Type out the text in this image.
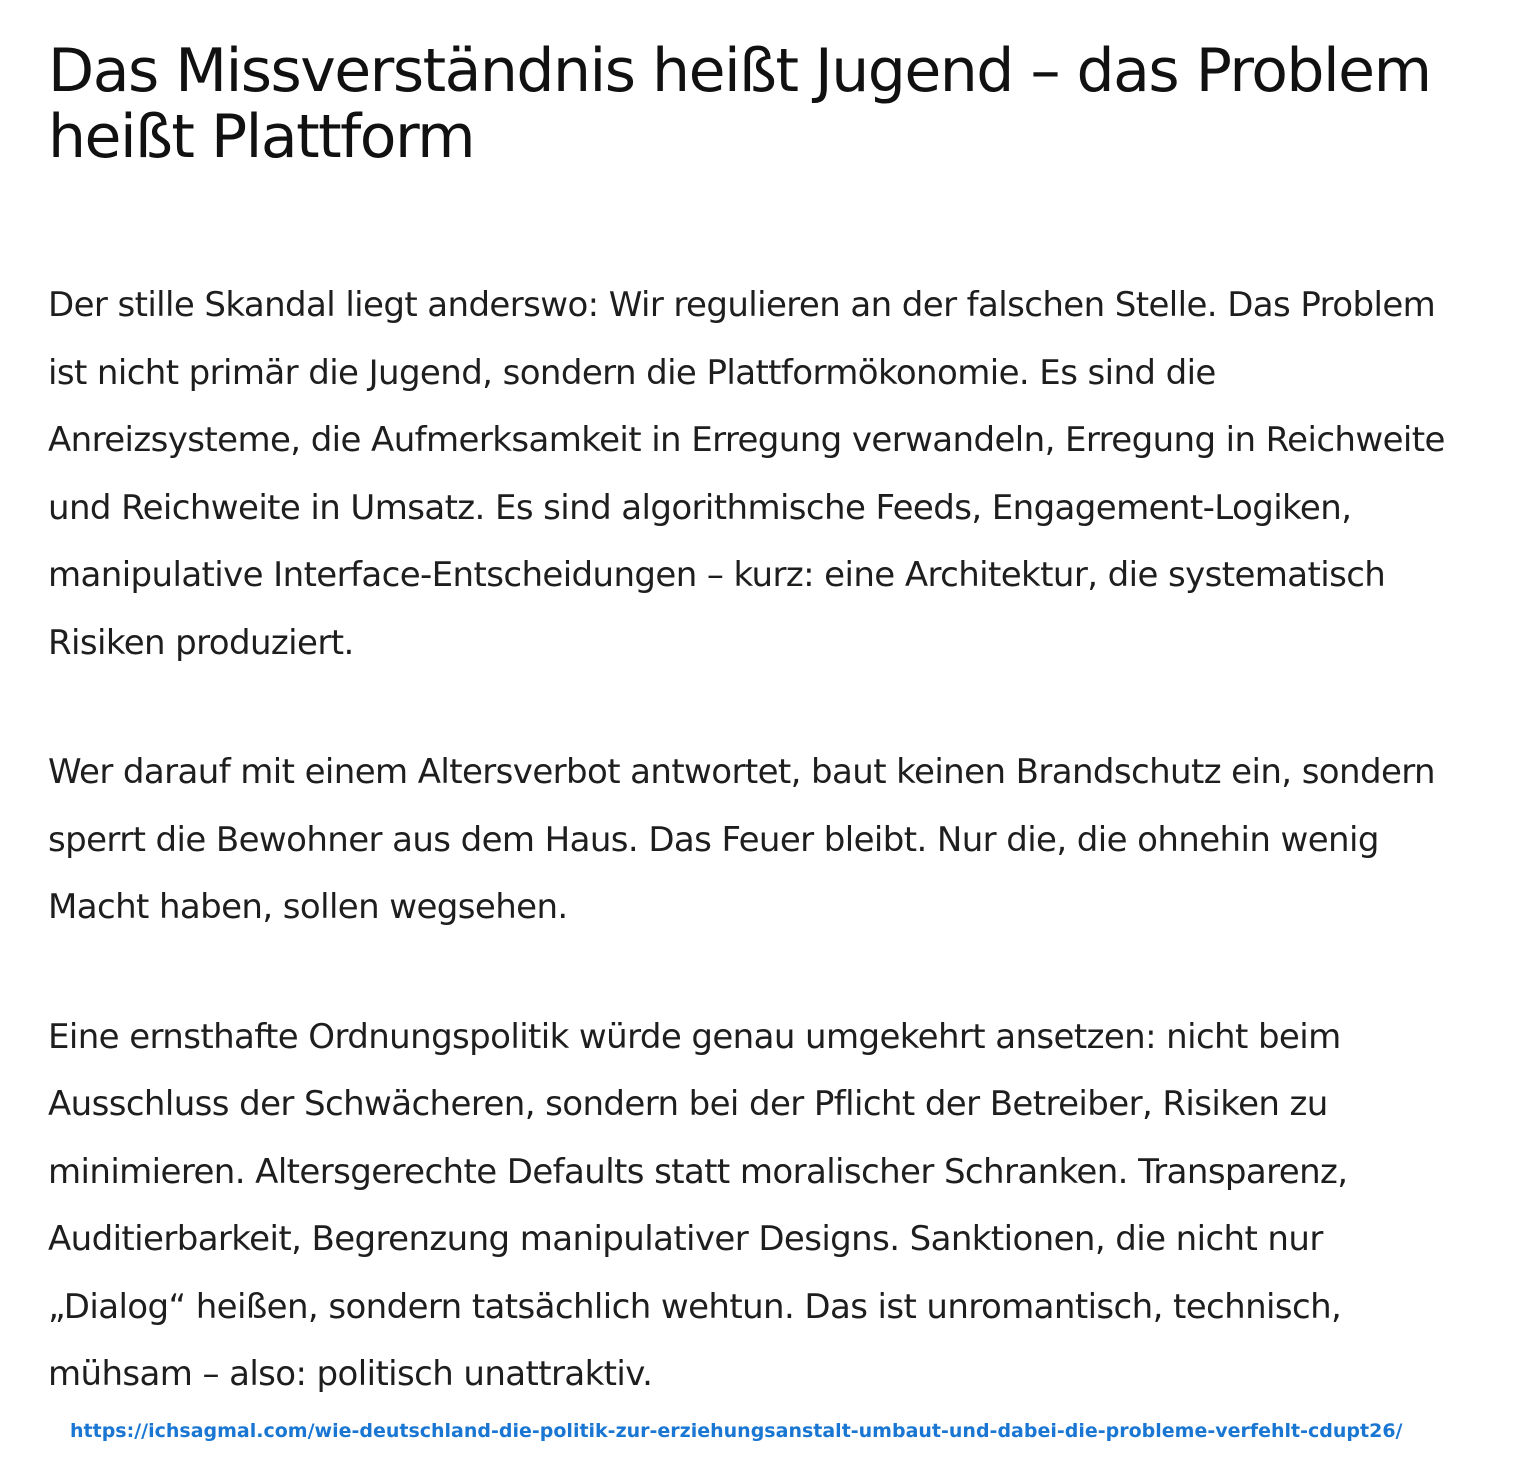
Das Missverständnis heißt Jugend – das Problem heißt Plattform

Der stille Skandal liegt anderswo: Wir regulieren an der falschen Stelle. Das Problem ist nicht primär die Jugend, sondern die Plattformökonomie. Es sind die Anreizsysteme, die Aufmerksamkeit in Erregung verwandeln, Erregung in Reichweite und Reichweite in Umsatz. Es sind algorithmische Feeds, Engagement-Logiken, manipulative Interface-Entscheidungen – kurz: eine Architektur, die systematisch Risiken produziert.

Wer darauf mit einem Altersverbot antwortet, baut keinen Brandschutz ein, sondern sperrt die Bewohner aus dem Haus. Das Feuer bleibt. Nur die, die ohnehin wenig Macht haben, sollen wegsehen.

Eine ernsthafte Ordnungspolitik würde genau umgekehrt ansetzen: nicht beim Ausschluss der Schwächeren, sondern bei der Pflicht der Betreiber, Risiken zu minimieren. Altersgerechte Defaults statt moralischer Schranken. Transparenz, Auditierbarkeit, Begrenzung manipulativer Designs. Sanktionen, die nicht nur „Dialog“ heißen, sondern tatsächlich wehtun. Das ist unromantisch, technisch, mühsam – also: politisch unattraktiv.

https://ichsagmal.com/wie-deutschland-die-politik-zur-erziehungsanstalt-umbaut-und-dabei-die-probleme-verfehlt-cdupt26/
